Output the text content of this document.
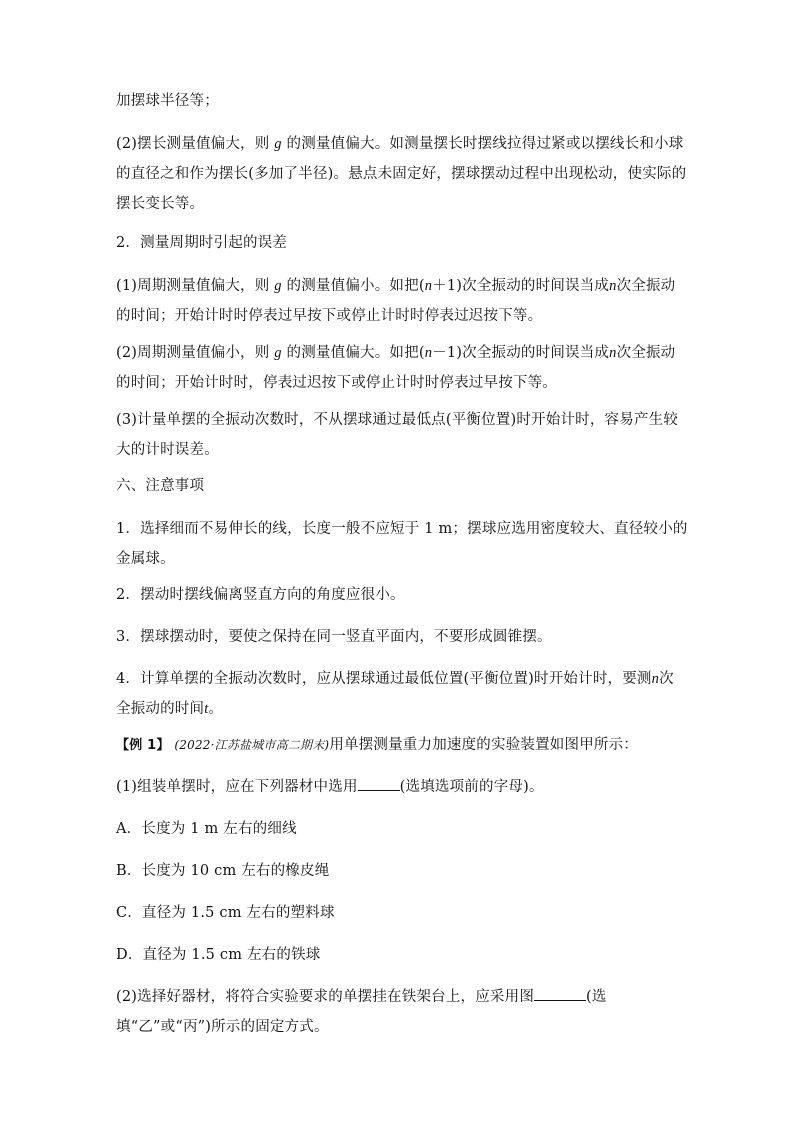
加摆球半径等；

(2)摆长测量值偏大，则 g 的测量值偏大。如测量摆长时摆线拉得过紧或以摆线长和小球的直径之和作为摆长(多加了半径)。悬点未固定好，摆球摆动过程中出现松动，使实际的摆长变长等。

2．测量周期时引起的误差

(1)周期测量值偏大，则 g 的测量值偏小。如把(n＋1)次全振动的时间误当成n次全振动的时间；开始计时时停表过早按下或停止计时时停表过迟按下等。

(2)周期测量值偏小，则 g 的测量值偏大。如把(n－1)次全振动的时间误当成n次全振动的时间；开始计时时，停表过迟按下或停止计时时停表过早按下等。

(3)计量单摆的全振动次数时，不从摆球通过最低点(平衡位置)时开始计时，容易产生较大的计时误差。

六、注意事项

1．选择细而不易伸长的线，长度一般不应短于 1 m；摆球应选用密度较大、直径较小的金属球。

2．摆动时摆线偏离竖直方向的角度应很小。

3．摆球摆动时，要使之保持在同一竖直平面内，不要形成圆锥摆。

4．计算单摆的全振动次数时，应从摆球通过最低位置(平衡位置)时开始计时，要测n次全振动的时间t。

【例 1】 (2022·江苏盐城市高二期末)用单摆测量重力加速度的实验装置如图甲所示：

(1)组装单摆时，应在下列器材中选用	(选填选项前的字母)。

A．长度为 1 m 左右的细线

B．长度为 10 cm 左右的橡皮绳

C．直径为 1.5 cm 左右的塑料球

D．直径为 1.5 cm 左右的铁球

(2)选择好器材，将符合实验要求的单摆挂在铁架台上，应采用图	(选填“乙”或“丙”)所示的固定方式。
